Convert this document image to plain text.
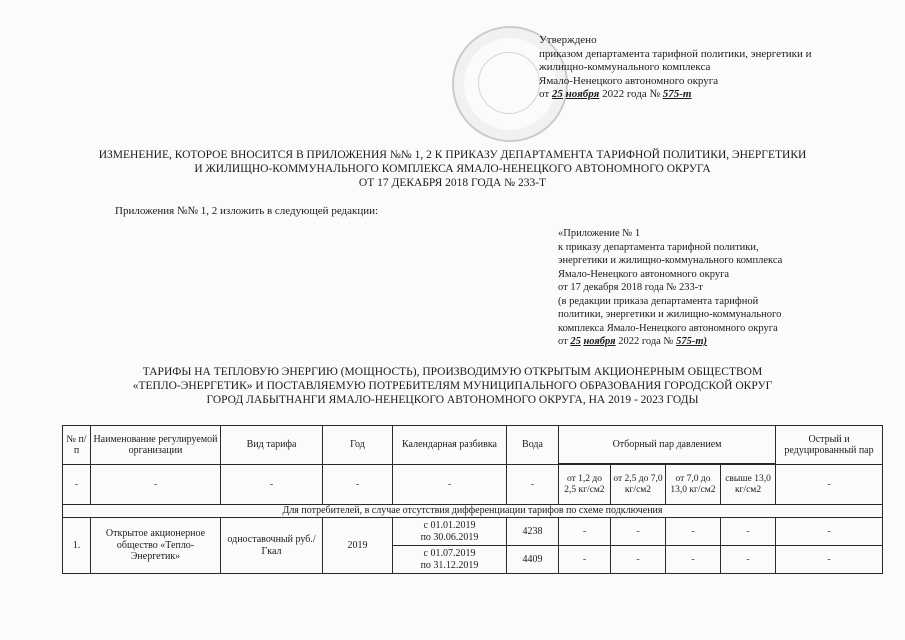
Утверждено
приказом департамента тарифной политики, энергетики и
жилищно-коммунального комплекса
Ямало-Ненецкого автономного округа
от 25 ноября 2022 года № 575-т
ИЗМЕНЕНИЕ, КОТОРОЕ ВНОСИТСЯ В ПРИЛОЖЕНИЯ №№ 1, 2 К ПРИКАЗУ ДЕПАРТАМЕНТА ТАРИФНОЙ ПОЛИТИКИ, ЭНЕРГЕТИКИ
И ЖИЛИЩНО-КОММУНАЛЬНОГО КОМПЛЕКСА ЯМАЛО-НЕНЕЦКОГО АВТОНОМНОГО ОКРУГА
ОТ 17 ДЕКАБРЯ 2018 ГОДА № 233-Т
Приложения №№ 1, 2 изложить в следующей редакции:
«Приложение № 1
к приказу департамента тарифной политики,
энергетики и жилищно-коммунального комплекса
Ямало-Ненецкого автономного округа
от 17 декабря 2018 года № 233-т
(в редакции приказа департамента тарифной
политики, энергетики и жилищно-коммунального
комплекса Ямало-Ненецкого автономного округа
от 25 ноября 2022 года № 575-т)
ТАРИФЫ НА ТЕПЛОВУЮ ЭНЕРГИЮ (МОЩНОСТЬ), ПРОИЗВОДИМУЮ ОТКРЫТЫМ АКЦИОНЕРНЫМ ОБЩЕСТВОМ
«ТЕПЛО-ЭНЕРГЕТИК» И ПОСТАВЛЯЕМУЮ ПОТРЕБИТЕЛЯМ МУНИЦИПАЛЬНОГО ОБРАЗОВАНИЯ ГОРОДСКОЙ ОКРУГ
ГОРОД ЛАБЫТНАНГИ ЯМАЛО-НЕНЕЦКОГО АВТОНОМНОГО ОКРУГА, НА 2019 - 2023 ГОДЫ
№ п/п	Наименование регулируемой организации	Вид тарифа	Год	Календарная разбивка	Вода	Отборный пар давлением				Острый и редуцированный пар

-	-	-	-	-	-	от 1,2 до 2,5 кг/см2	от 2,5 до 7,0 кг/см2	от 7,0 до 13,0 кг/см2	свыше 13,0 кг/см2	-
Для потребителей, в случае отсутствия дифференциации тарифов по схеме подключения										
1.	Открытое акционерное общество «Тепло-Энергетик»	одноставочный руб./Гкал	2019	с 01.01.2019
по 30.06.2019	4238	-	-	-	-	-

				с 01.07.2019
по 31.12.2019	4409	-	-	-	-	-
